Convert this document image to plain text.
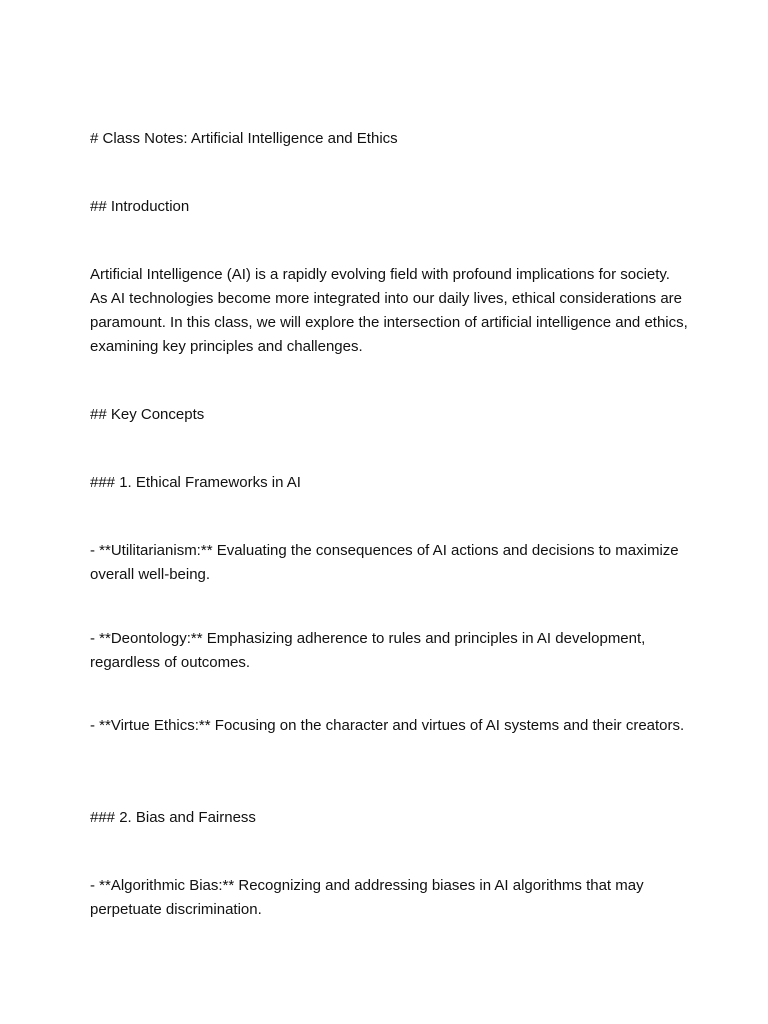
# Class Notes: Artificial Intelligence and Ethics

## Introduction

Artificial Intelligence (AI) is a rapidly evolving field with profound implications for society. As AI technologies become more integrated into our daily lives, ethical considerations are paramount. In this class, we will explore the intersection of artificial intelligence and ethics, examining key principles and challenges.

## Key Concepts

### 1. Ethical Frameworks in AI

- **Utilitarianism:** Evaluating the consequences of AI actions and decisions to maximize overall well-being.

- **Deontology:** Emphasizing adherence to rules and principles in AI development, regardless of outcomes.

- **Virtue Ethics:** Focusing on the character and virtues of AI systems and their creators.

### 2. Bias and Fairness

- **Algorithmic Bias:** Recognizing and addressing biases in AI algorithms that may perpetuate discrimination.
